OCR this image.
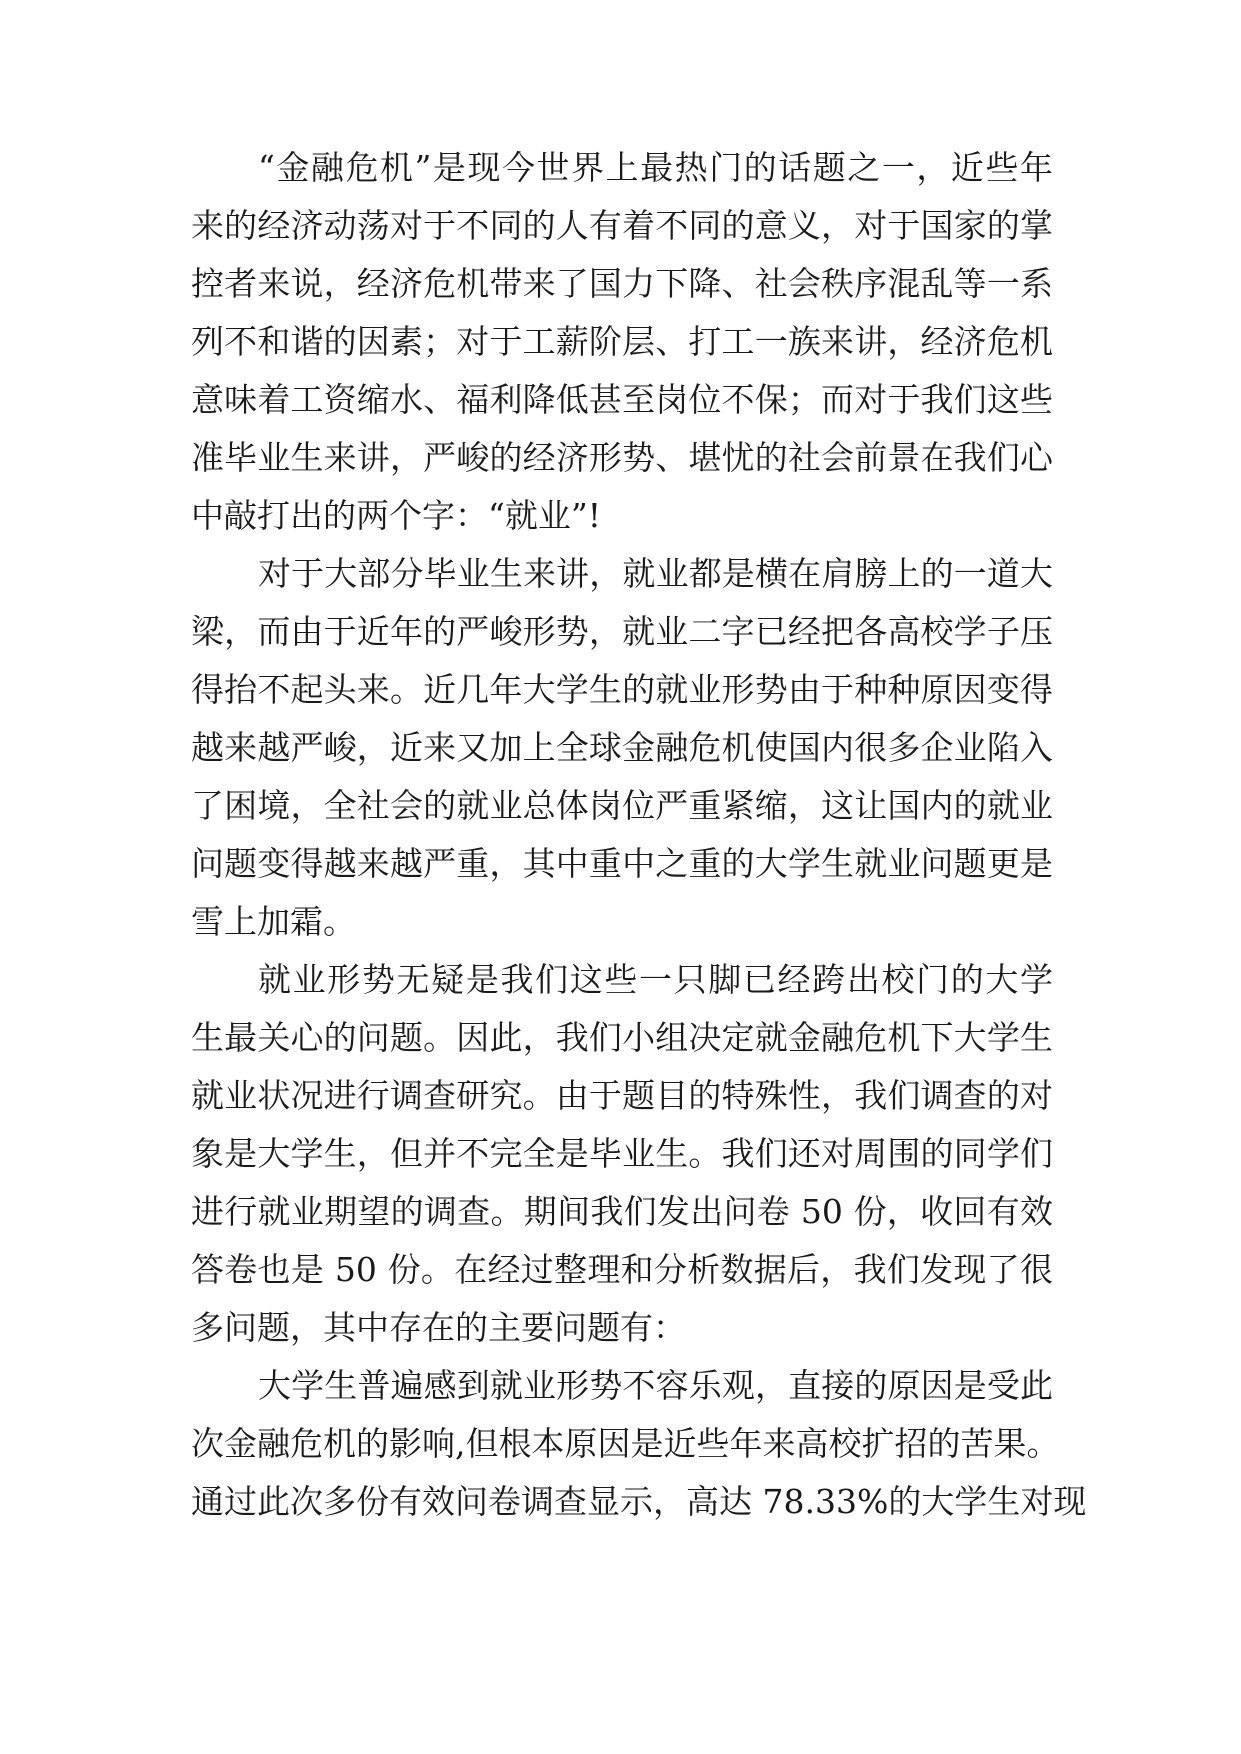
“金融危机”是现今世界上最热门的话题之一，近些年
来的经济动荡对于不同的人有着不同的意义，对于国家的掌
控者来说，经济危机带来了国力下降、社会秩序混乱等一系
列不和谐的因素；对于工薪阶层、打工一族来讲，经济危机
意味着工资缩水、福利降低甚至岗位不保；而对于我们这些
准毕业生来讲，严峻的经济形势、堪忧的社会前景在我们心
中敲打出的两个字：“就业”!
对于大部分毕业生来讲，就业都是横在肩膀上的一道大
梁，而由于近年的严峻形势，就业二字已经把各高校学子压
得抬不起头来。近几年大学生的就业形势由于种种原因变得
越来越严峻，近来又加上全球金融危机使国内很多企业陷入
了困境，全社会的就业总体岗位严重紧缩，这让国内的就业
问题变得越来越严重，其中重中之重的大学生就业问题更是
雪上加霜。
就业形势无疑是我们这些一只脚已经跨出校门的大学
生最关心的问题。因此，我们小组决定就金融危机下大学生
就业状况进行调查研究。由于题目的特殊性，我们调查的对
象是大学生，但并不完全是毕业生。我们还对周围的同学们
进行就业期望的调查。期间我们发出问卷 50 份，收回有效
答卷也是 50 份。在经过整理和分析数据后，我们发现了很
多问题，其中存在的主要问题有：
大学生普遍感到就业形势不容乐观，直接的原因是受此
次金融危机的影响,但根本原因是近些年来高校扩招的苦果。
通过此次多份有效问卷调查显示，高达 78.33%的大学生对现
